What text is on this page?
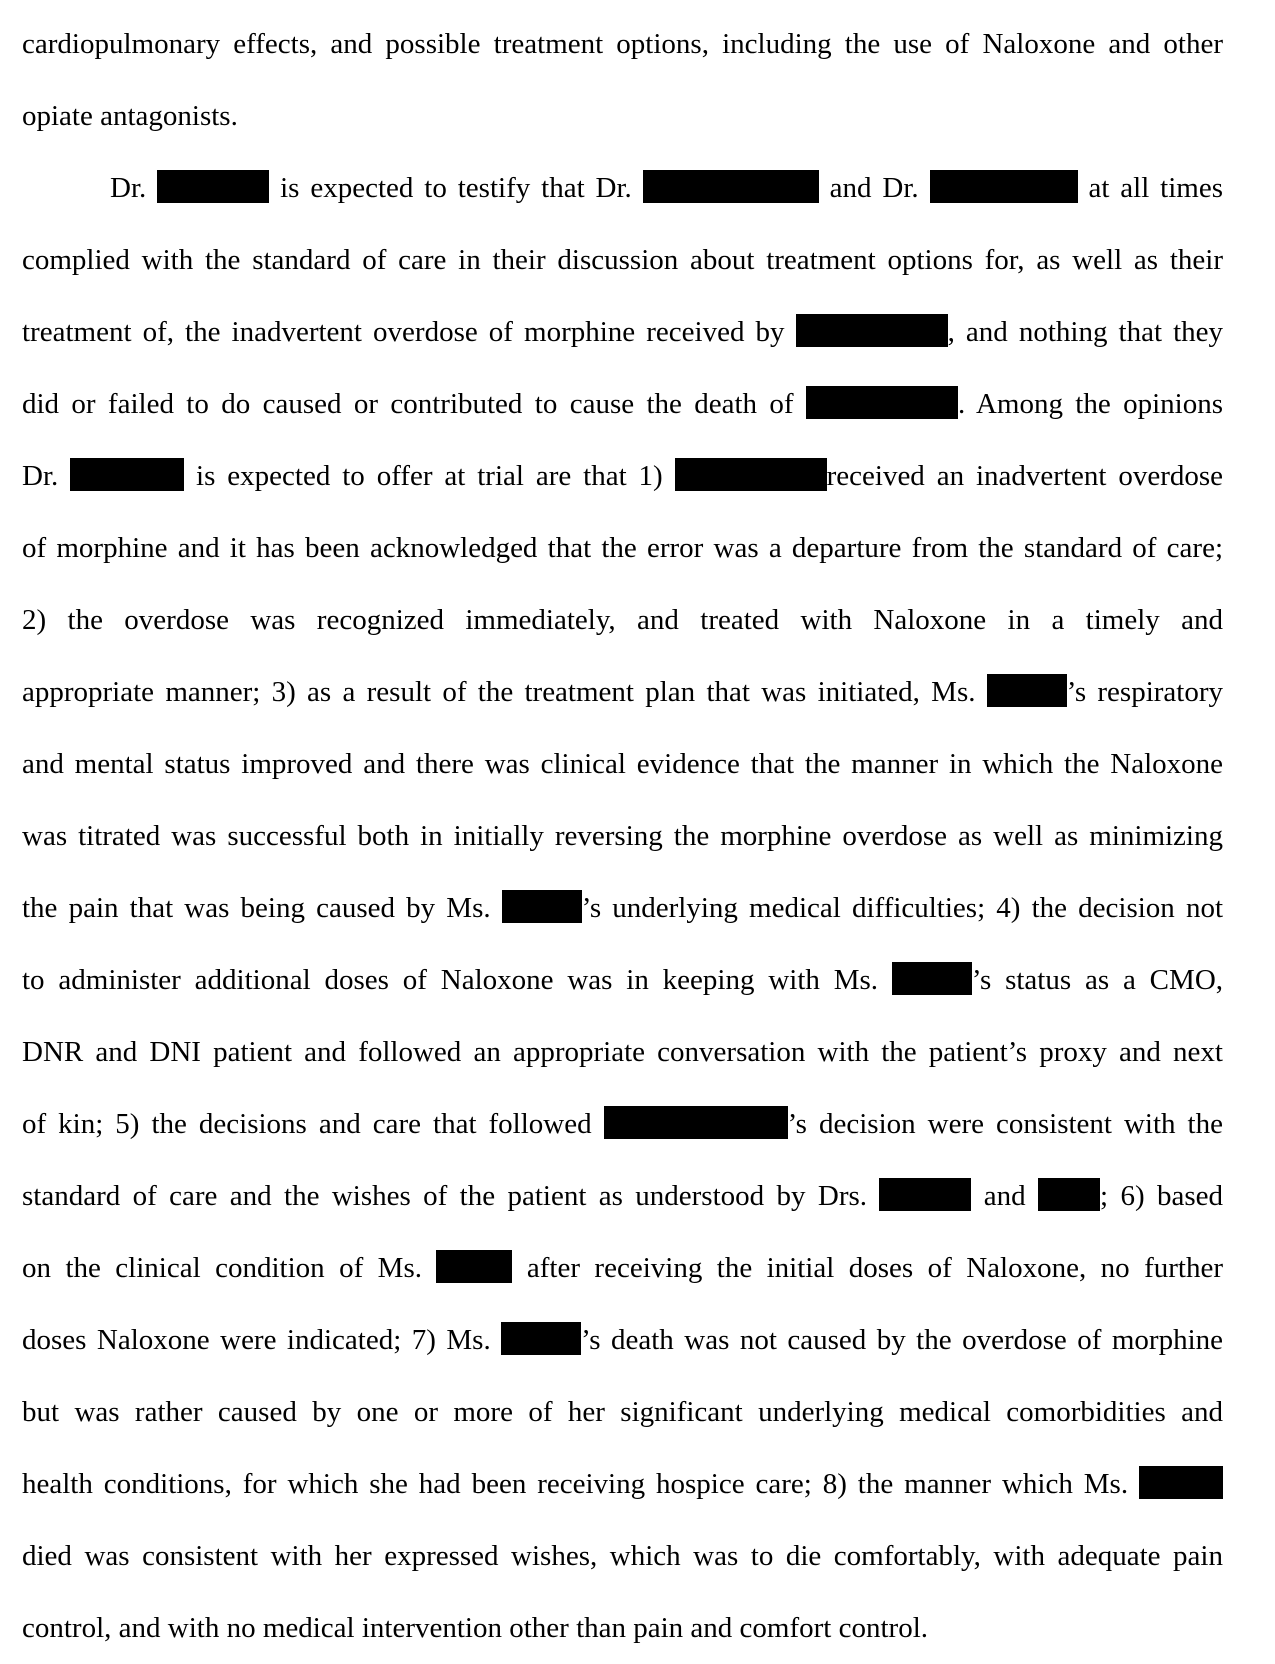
cardiopulmonary effects, and possible treatment options, including the use of Naloxone and other
opiate antagonists.
Dr.	is expected to testify that Dr.	and Dr.	at all times
complied with the standard of care in their discussion about treatment options for, as well as their
treatment of, the inadvertent overdose of morphine received by	, and nothing that they
did or failed to do caused or contributed to cause the death of	. Among the opinions
Dr.	is expected to offer at trial are that 1)	received an inadvertent overdose
of morphine and it has been acknowledged that the error was a departure from the standard of care;
2) the overdose was recognized immediately, and treated with Naloxone in a timely and
appropriate manner; 3) as a result of the treatment plan that was initiated, Ms.	’s respiratory
and mental status improved and there was clinical evidence that the manner in which the Naloxone
was titrated was successful both in initially reversing the morphine overdose as well as minimizing
the pain that was being caused by Ms.	’s underlying medical difficulties; 4) the decision not
to administer additional doses of Naloxone was in keeping with Ms.	’s status as a CMO,
DNR and DNI patient and followed an appropriate conversation with the patient’s proxy and next
of kin; 5) the decisions and care that followed	’s decision were consistent with the
standard of care and the wishes of the patient as understood by Drs.	and ; 6) based
on the clinical condition of Ms.	after receiving the initial doses of Naloxone, no further
doses Naloxone were indicated; 7) Ms.	’s death was not caused by the overdose of morphine
but was rather caused by one or more of her significant underlying medical comorbidities and
health conditions, for which she had been receiving hospice care; 8) the manner which Ms.
died was consistent with her expressed wishes, which was to die comfortably, with adequate pain
control, and with no medical intervention other than pain and comfort control.
